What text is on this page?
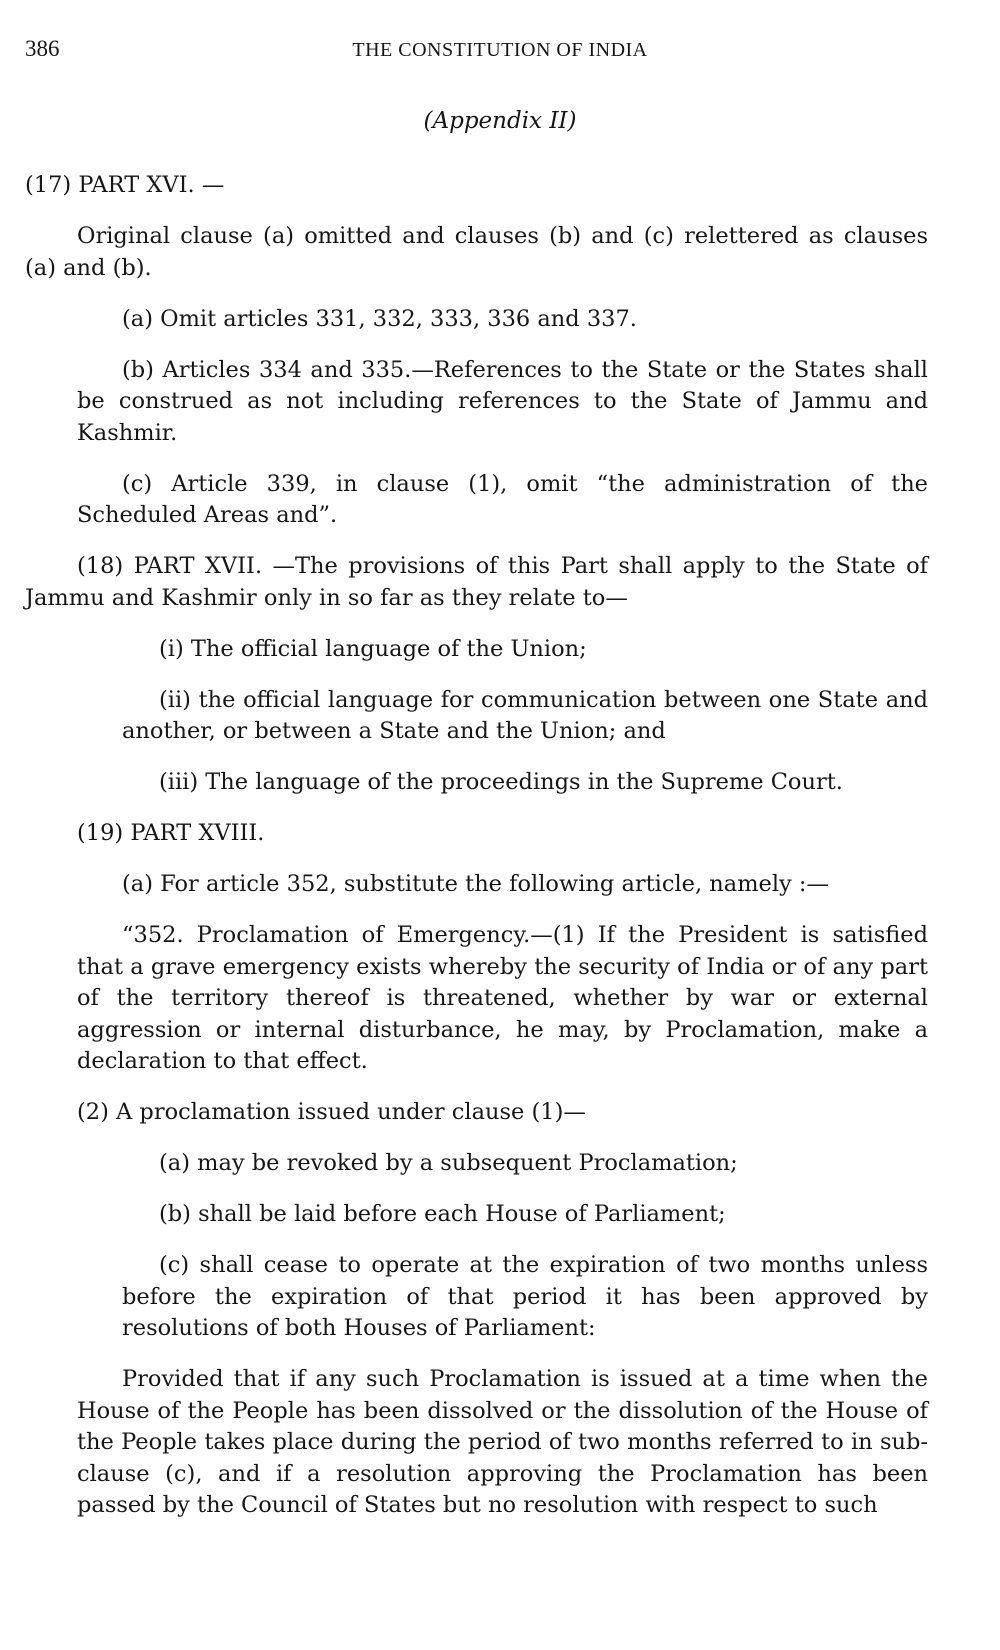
386	THE CONSTITUTION OF INDIA
(Appendix II)

(17) PART XVI. —

Original clause (a) omitted and clauses (b) and (c) relettered as clauses (a) and (b).

(a) Omit articles 331, 332, 333, 336 and 337.

(b) Articles 334 and 335.—References to the State or the States shall be construed as not including references to the State of Jammu and Kashmir.

(c) Article 339, in clause (1), omit “the administration of the Scheduled Areas and”.

(18) PART XVII. —The provisions of this Part shall apply to the State of Jammu and Kashmir only in so far as they relate to—

(i) The official language of the Union;

(ii) the official language for communication between one State and another, or between a State and the Union; and

(iii) The language of the proceedings in the Supreme Court.

(19) PART XVIII.

(a) For article 352, substitute the following article, namely :—

“352. Proclamation of Emergency.—(1) If the President is satisfied that a grave emergency exists whereby the security of India or of any part of the territory thereof is threatened, whether by war or external aggression or internal disturbance, he may, by Proclamation, make a declaration to that effect.

(2) A proclamation issued under clause (1)—

(a) may be revoked by a subsequent Proclamation;

(b) shall be laid before each House of Parliament;

(c) shall cease to operate at the expiration of two months unless before the expiration of that period it has been approved by resolutions of both Houses of Parliament:

Provided that if any such Proclamation is issued at a time when the House of the People has been dissolved or the dissolution of the House of the People takes place during the period of two months referred to in sub-clause (c), and if a resolution approving the Proclamation has been passed by the Council of States but no resolution with respect to such
